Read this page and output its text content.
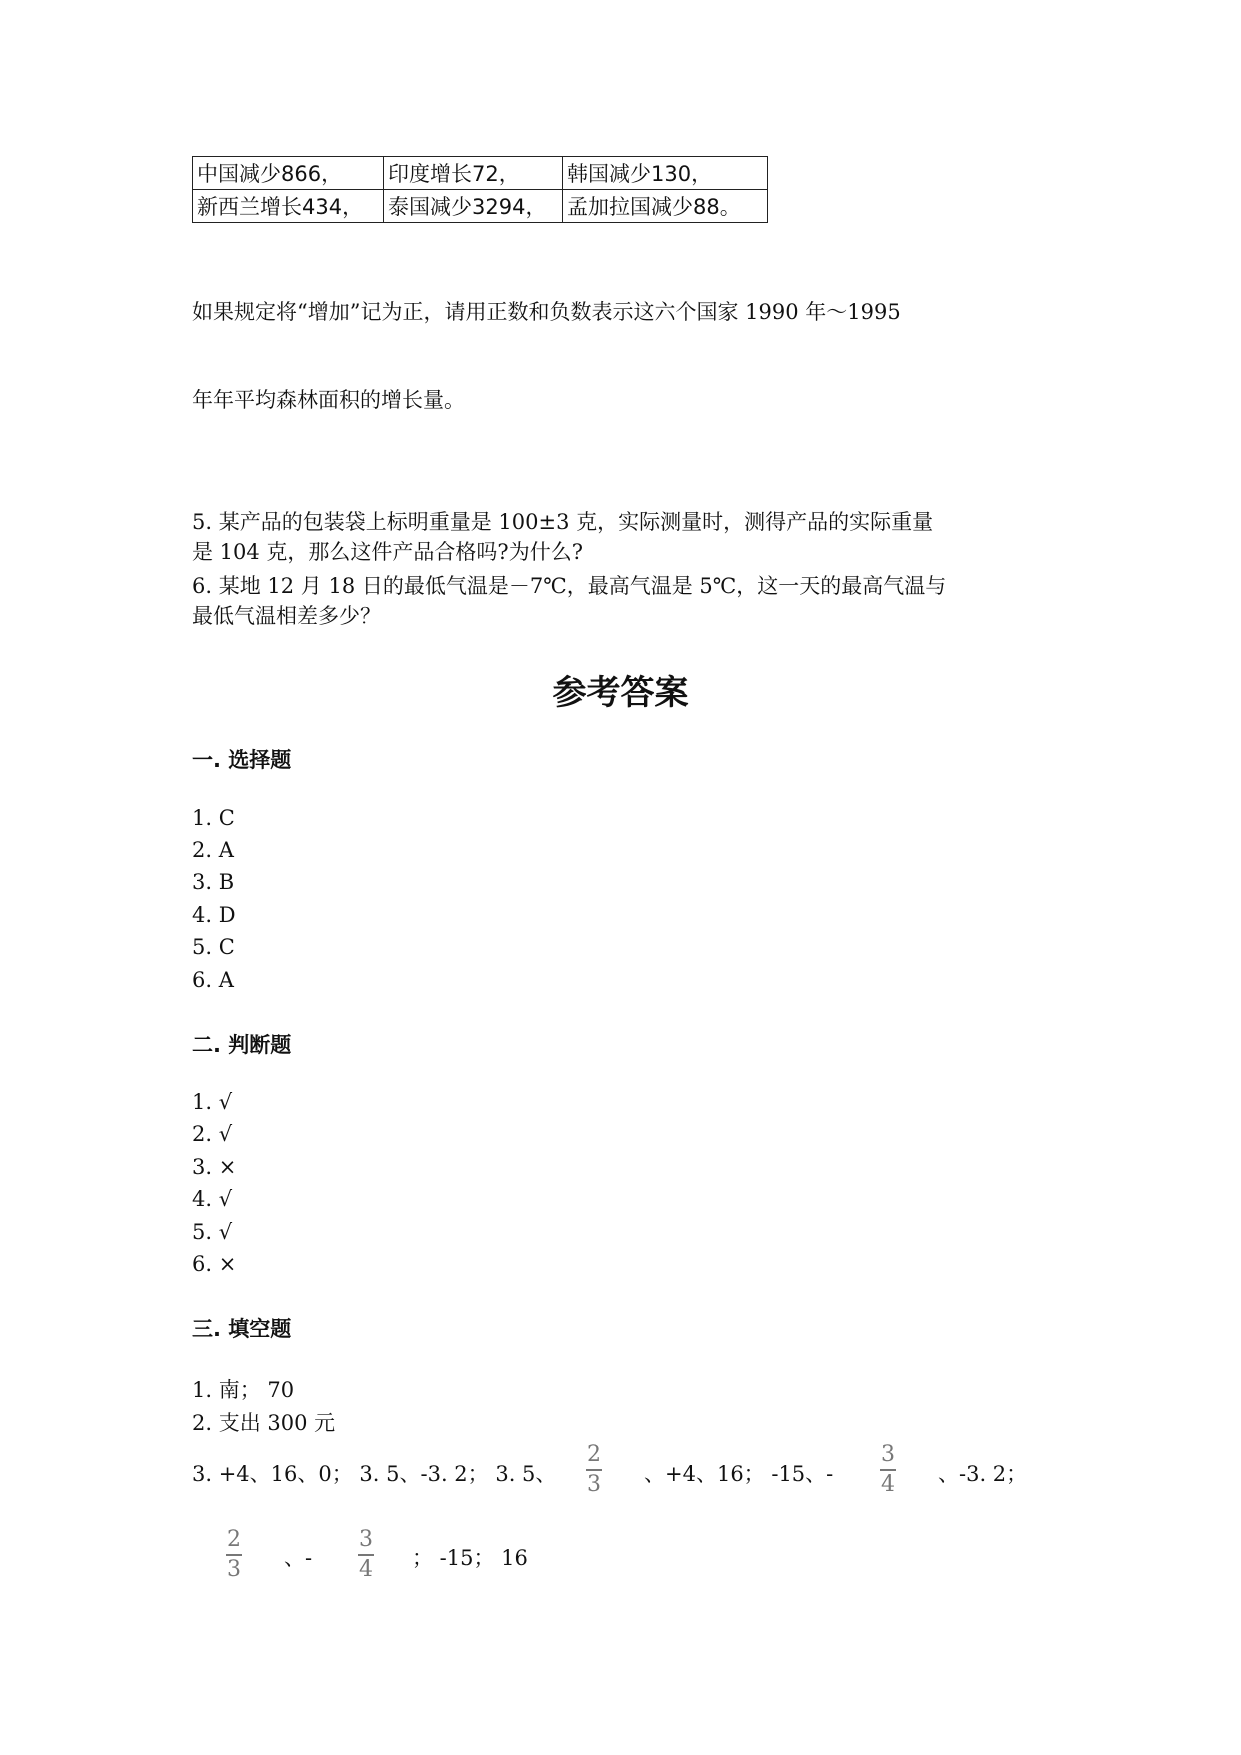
中国减少866，	印度增长72，	韩国减少130，
新西兰增长434，	泰国减少3294，	孟加拉国减少88。
如果规定将“增加”记为正，请用正数和负数表示这六个国家 1990 年～1995
年年平均森林面积的增长量。
5. 某产品的包装袋上标明重量是 100±3 克，实际测量时，测得产品的实际重量
是 104 克，那么这件产品合格吗?为什么?
6. 某地 12 月 18 日的最低气温是－7℃，最高气温是 5℃，这一天的最高气温与
最低气温相差多少？
参考答案
一. 选择题
1. C
2. A
3. B
4. D
5. C
6. A
二. 判断题
1. √
2. √
3. ×
4. √
5. √
6. ×
三. 填空题
1. 南； 70
2. 支出 300 元
3. +4、16、0； 3. 5、-3. 2； 3. 5、
2
3 、+4、16； -15、-
3
4 、-3. 2；
2
3 、-
3
4 ； -15； 16
